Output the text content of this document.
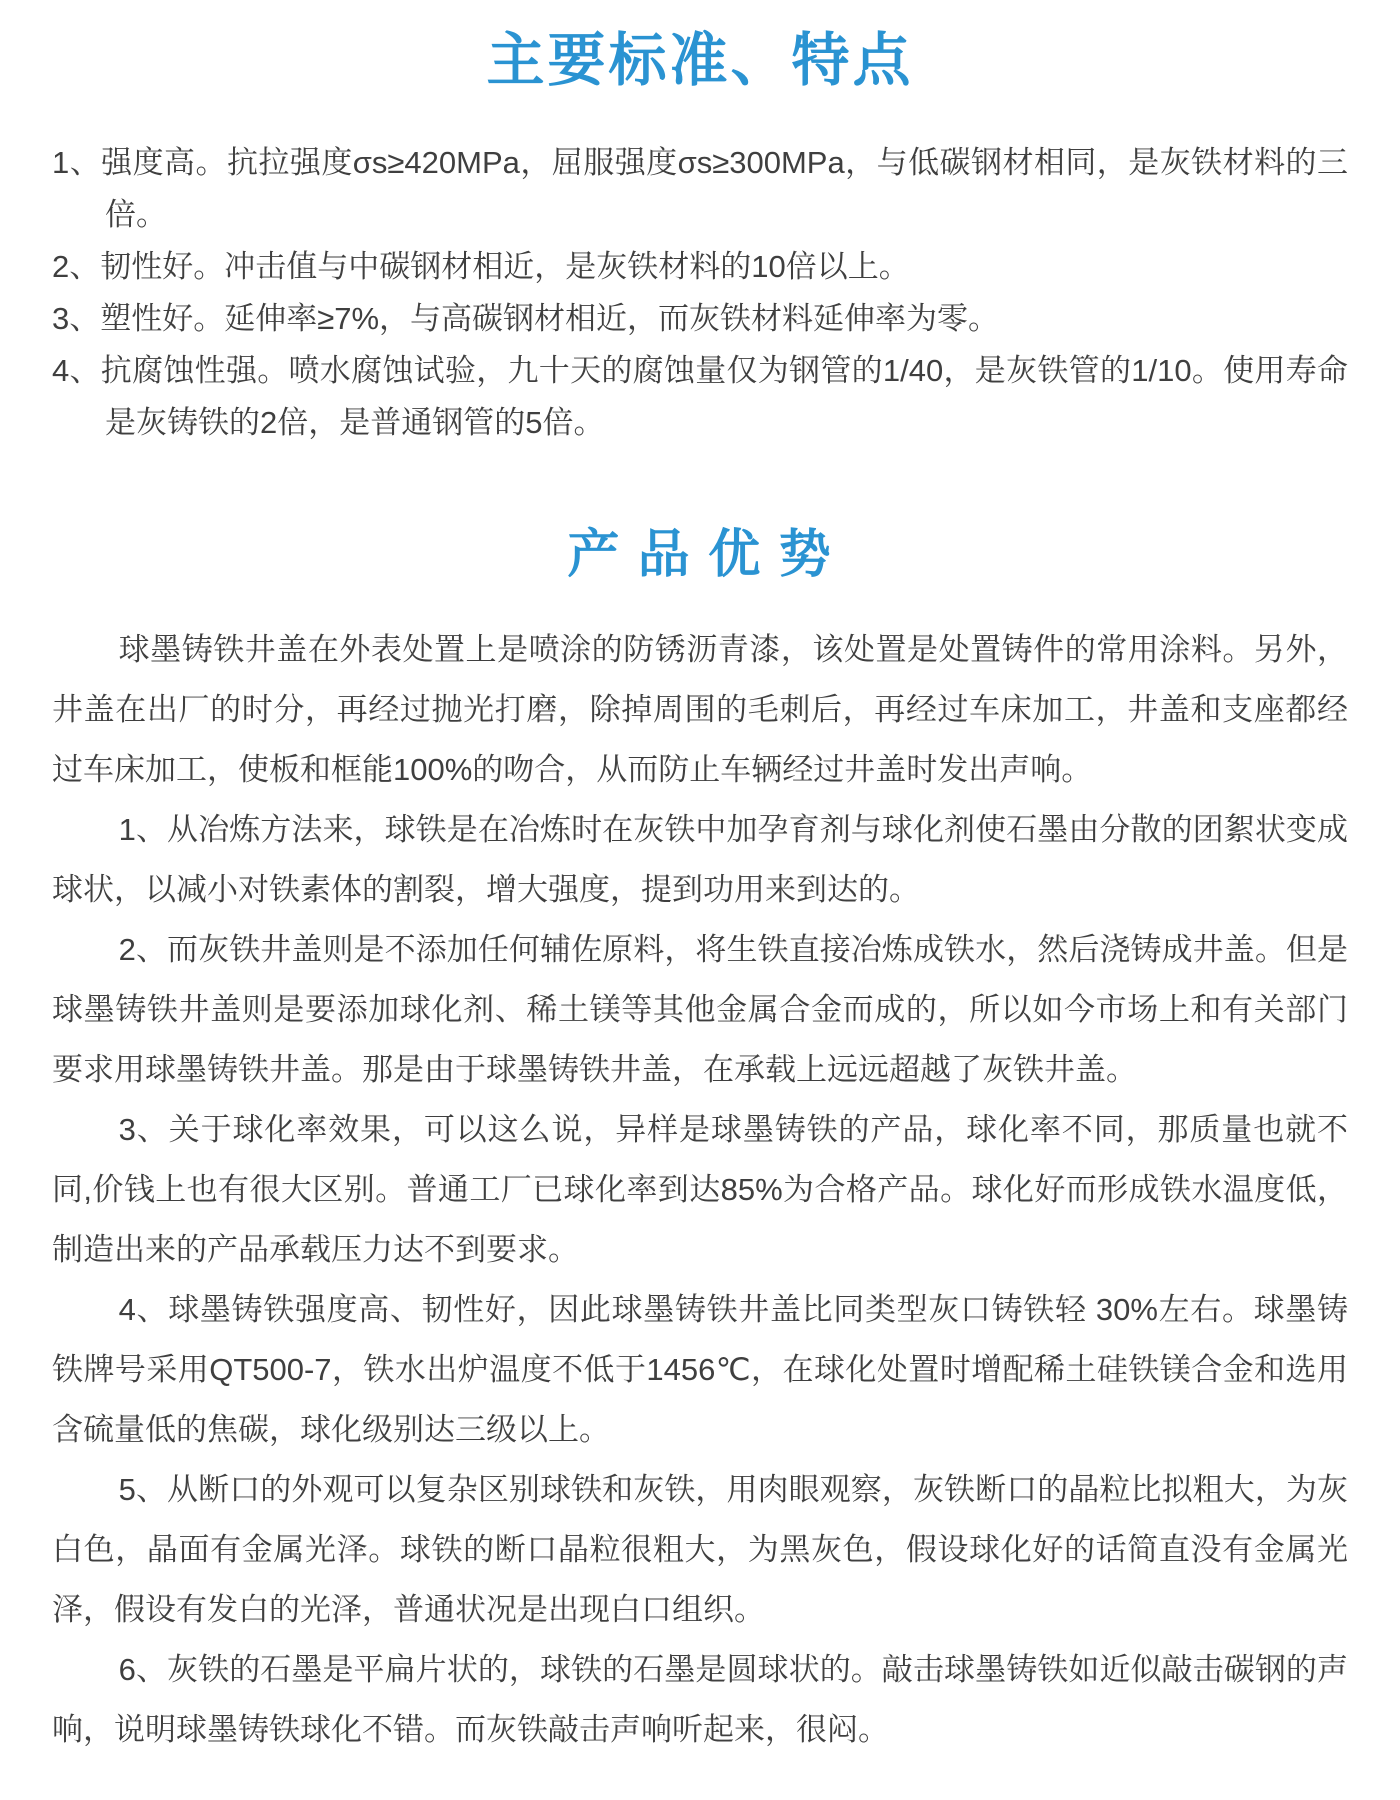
主要标准、特点
1、强度高。抗拉强度σs≥420MPa，屈服强度σs≥300MPa，与低碳钢材相同，是灰铁材料的三倍。
2、韧性好。冲击值与中碳钢材相近，是灰铁材料的10倍以上。
3、塑性好。延伸率≥7%，与高碳钢材相近，而灰铁材料延伸率为零。
4、抗腐蚀性强。喷水腐蚀试验，九十天的腐蚀量仅为钢管的1/40，是灰铁管的1/10。使用寿命是灰铸铁的2倍，是普通钢管的5倍。
产 品 优 势

球墨铸铁井盖在外表处置上是喷涂的防锈沥青漆，该处置是处置铸件的常用涂料。另外，井盖在出厂的时分，再经过抛光打磨，除掉周围的毛刺后，再经过车床加工，井盖和支座都经过车床加工，使板和框能100%的吻合，从而防止车辆经过井盖时发出声响。

1、从冶炼方法来，球铁是在冶炼时在灰铁中加孕育剂与球化剂使石墨由分散的团絮状变成球状，以减小对铁素体的割裂，增大强度，提到功用来到达的。

2、而灰铁井盖则是不添加任何辅佐原料，将生铁直接冶炼成铁水，然后浇铸成井盖。但是球墨铸铁井盖则是要添加球化剂、稀土镁等其他金属合金而成的，所以如今市场上和有关部门要求用球墨铸铁井盖。那是由于球墨铸铁井盖，在承载上远远超越了灰铁井盖。

3、关于球化率效果，可以这么说，异样是球墨铸铁的产品，球化率不同，那质量也就不同,价钱上也有很大区别。普通工厂已球化率到达85%为合格产品。球化好而形成铁水温度低，制造出来的产品承载压力达不到要求。

4、球墨铸铁强度高、韧性好，因此球墨铸铁井盖比同类型灰口铸铁轻 30%左右。球墨铸铁牌号采用QT500-7，铁水出炉温度不低于1456℃，在球化处置时增配稀土硅铁镁合金和选用含硫量低的焦碳，球化级别达三级以上。

5、从断口的外观可以复杂区别球铁和灰铁，用肉眼观察，灰铁断口的晶粒比拟粗大，为灰白色，晶面有金属光泽。球铁的断口晶粒很粗大，为黑灰色，假设球化好的话简直没有金属光泽，假设有发白的光泽，普通状况是出现白口组织。

6、灰铁的石墨是平扁片状的，球铁的石墨是圆球状的。敲击球墨铸铁如近似敲击碳钢的声响，说明球墨铸铁球化不错。而灰铁敲击声响听起来，很闷。
